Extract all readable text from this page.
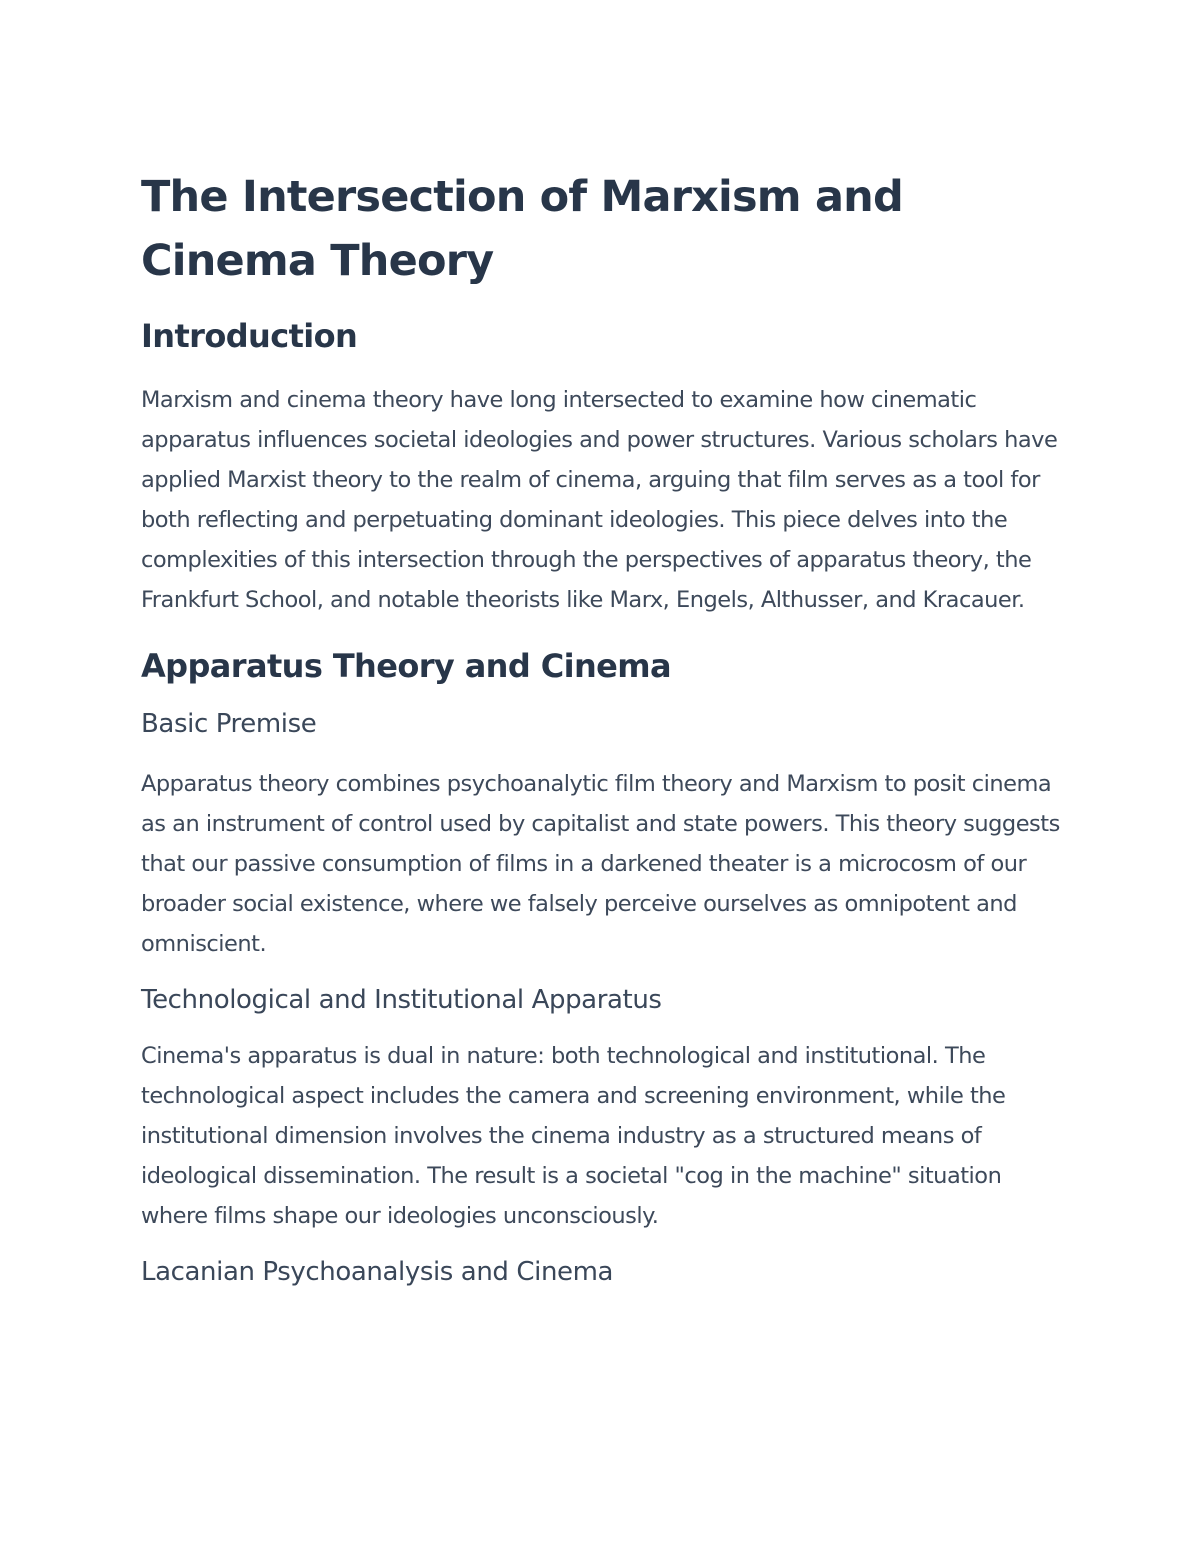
The Intersection of Marxism and Cinema Theory
Introduction

Marxism and cinema theory have long intersected to examine how cinematic apparatus influences societal ideologies and power structures. Various scholars have applied Marxist theory to the realm of cinema, arguing that film serves as a tool for both reflecting and perpetuating dominant ideologies. This piece delves into the complexities of this intersection through the perspectives of apparatus theory, the Frankfurt School, and notable theorists like Marx, Engels, Althusser, and Kracauer.

Apparatus Theory and Cinema
Basic Premise

Apparatus theory combines psychoanalytic film theory and Marxism to posit cinema as an instrument of control used by capitalist and state powers. This theory suggests that our passive consumption of films in a darkened theater is a microcosm of our broader social existence, where we falsely perceive ourselves as omnipotent and omniscient.

Technological and Institutional Apparatus

Cinema's apparatus is dual in nature: both technological and institutional. The technological aspect includes the camera and screening environment, while the institutional dimension involves the cinema industry as a structured means of ideological dissemination. The result is a societal "cog in the machine" situation where films shape our ideologies unconsciously.

Lacanian Psychoanalysis and Cinema
